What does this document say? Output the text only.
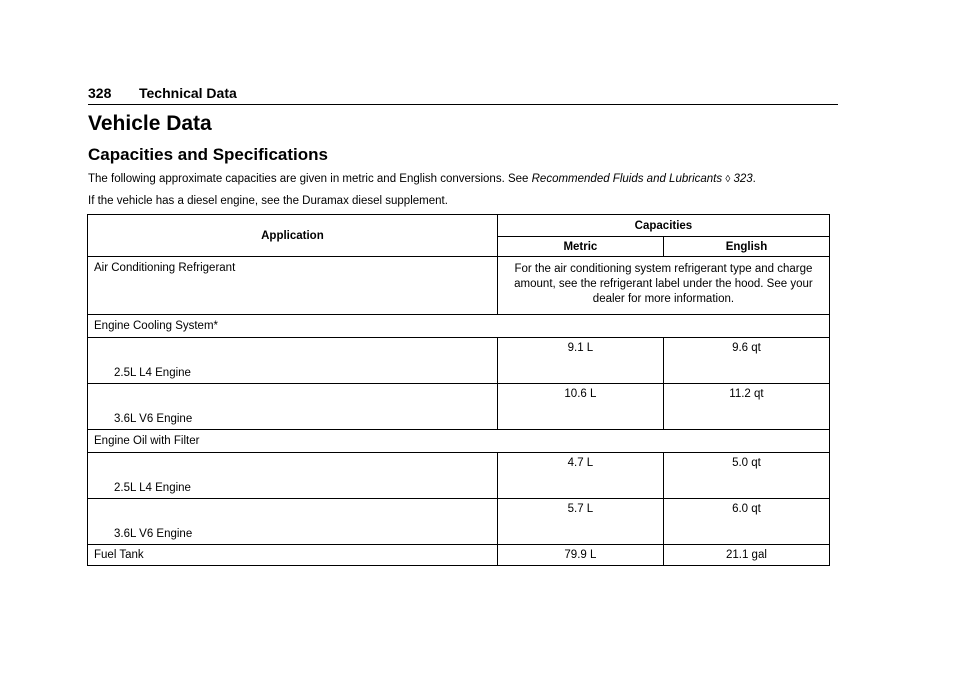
328 Technical Data
Vehicle Data
Capacities and Specifications
The following approximate capacities are given in metric and English conversions. See Recommended Fluids and Lubricants ◊ 323.
If the vehicle has a diesel engine, see the Duramax diesel supplement.
Application	Capacities	
	Metric	English
Air Conditioning Refrigerant	For the air conditioning system refrigerant type and charge amount, see the refrigerant label under the hood. See your dealer for more information.	
Engine Cooling System*		
2.5L L4 Engine	9.1 L	9.6 qt
3.6L V6 Engine	10.6 L	11.2 qt
Engine Oil with Filter		
2.5L L4 Engine	4.7 L	5.0 qt
3.6L V6 Engine	5.7 L	6.0 qt
Fuel Tank	79.9 L	21.1 gal
